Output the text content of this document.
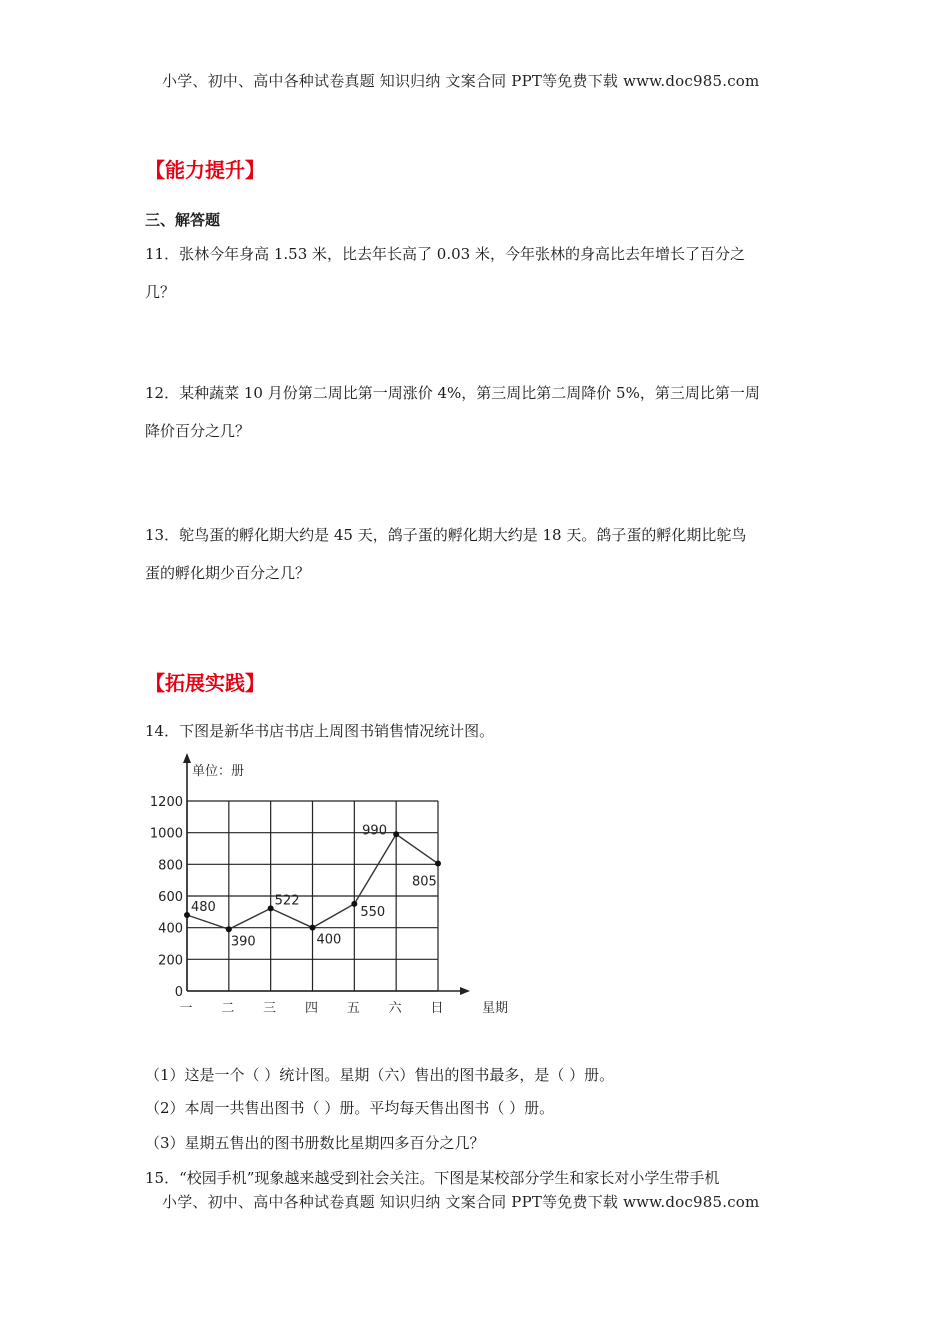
小学、初中、高中各种试卷真题 知识归纳 文案合同 PPT等免费下载 www.doc985.com
【能力提升】
三、解答题
11．张林今年身高 1.53 米，比去年长高了 0.03 米，今年张林的身高比去年增长了百分之
几？
12．某种蔬菜 10 月份第二周比第一周涨价 4%，第三周比第二周降价 5%，第三周比第一周
降价百分之几？
13．鸵鸟蛋的孵化期大约是 45 天，鸽子蛋的孵化期大约是 18 天。鸽子蛋的孵化期比鸵鸟
蛋的孵化期少百分之几？
【拓展实践】
14．下图是新华书店书店上周图书销售情况统计图。
0
200
400
600
800
1000
1200
单位：册
星期
一 二 三 四 五 六 日
480
390
522
400
550
990
805
（1）这是一个（ ）统计图。星期（六）售出的图书最多，是（ ）册。
（2）本周一共售出图书（ ）册。平均每天售出图书（ ）册。
（3）星期五售出的图书册数比星期四多百分之几？
15．“校园手机”现象越来越受到社会关注。下图是某校部分学生和家长对小学生带手机
小学、初中、高中各种试卷真题 知识归纳 文案合同 PPT等免费下载 www.doc985.com
